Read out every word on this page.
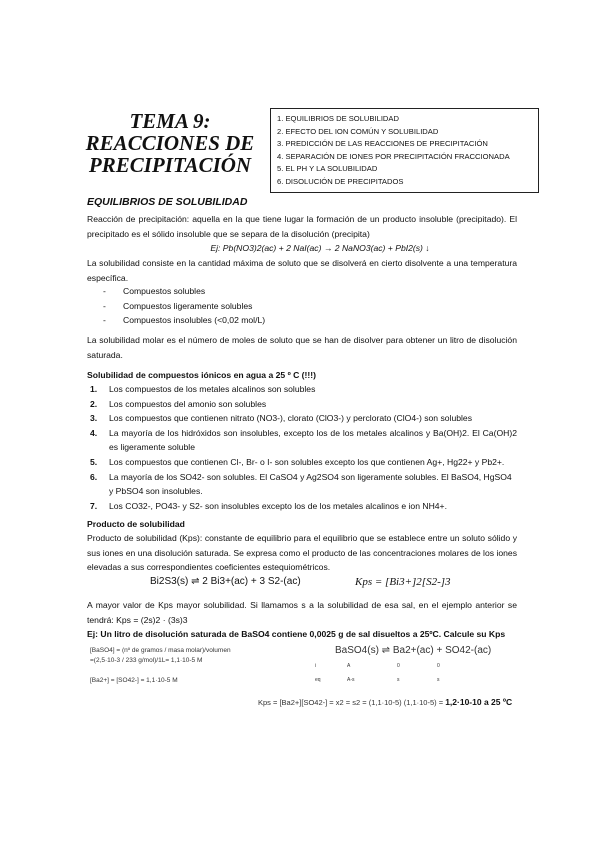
TEMA 9:
REACCIONES DE
PRECIPITACIÓN
1. EQUILIBRIOS DE SOLUBILIDAD
2. EFECTO DEL ION COMÚN Y SOLUBILIDAD
3. PREDICCIÓN DE LAS REACCIONES DE PRECIPITACIÓN
4. SEPARACIÓN DE IONES POR PRECIPITACIÓN FRACCIONADA
5. EL PH Y LA SOLUBILIDAD
6. DISOLUCIÓN DE PRECIPITADOS
EQUILIBRIOS DE SOLUBILIDAD
Reacción de precipitación: aquella en la que tiene lugar la formación de un producto insoluble (precipitado). El precipitado es el sólido insoluble que se separa de la disolución (precipita)
Ej: Pb(NO3)2(ac) + 2 NaI(ac) → 2 NaNO3(ac) + PbI2(s) ↓
La solubilidad consiste en la cantidad máxima de soluto que se disolverá en cierto disolvente a una temperatura específica.
- Compuestos solubles
- Compuestos ligeramente solubles
- Compuestos insolubles (<0,02 mol/L)
La solubilidad molar es el número de moles de soluto que se han de disolver para obtener un litro de disolución saturada.
Solubilidad de compuestos iónicos en agua a 25 º C (!!!)
1. Los compuestos de los metales alcalinos son solubles
2. Los compuestos del amonio son solubles
3. Los compuestos que contienen nitrato (NO3-), clorato (ClO3-) y perclorato (ClO4-) son solubles
4. La mayoría de los hidróxidos son insolubles, excepto los de los metales alcalinos y Ba(OH)2. El Ca(OH)2 es ligeramente soluble
5. Los compuestos que contienen Cl-, Br- o I- son solubles excepto los que contienen Ag+, Hg22+ y Pb2+.
6. La mayoría de los SO42- son solubles. El CaSO4 y Ag2SO4 son ligeramente solubles. El BaSO4, HgSO4 y PbSO4 son insolubles.
7. Los CO32-, PO43- y S2- son insolubles excepto los de los metales alcalinos e ion NH4+.
Producto de solubilidad
Producto de solubilidad (Kps): constante de equilibrio para el equilibrio que se establece entre un soluto sólido y sus iones en una disolución saturada. Se expresa como el producto de las concentraciones molares de los iones elevadas a sus correspondientes coeficientes estequiométricos.
Bi2S3(s) ⇌ 2 Bi3+(ac) + 3 S2-(ac)	Kps = [Bi3+]2[S2-]3
A mayor valor de Kps mayor solubilidad. Si llamamos s a la solubilidad de esa sal, en el ejemplo anterior se tendrá: Kps = (2s)2 · (3s)3
Ej: Un litro de disolución saturada de BaSO4 contiene 0,0025 g de sal disueltos a 25ºC. Calcule su Kps
[BaSO4] = (nº de gramos / masa molar)/volumen
=(2,5·10-3 / 233 g/mol)/1L= 1,1·10-5 M
[Ba2+] = [SO42-] = 1,1·10-5 M
BaSO4(s) ⇌ Ba2+(ac) + SO42-(ac)
i	A	0	0
eq	A-s	s	s
Kps = [Ba2+][SO42-] = x2 = s2 = (1,1·10-5) (1,1·10-5) = 1,2·10-10 a 25 ºC
